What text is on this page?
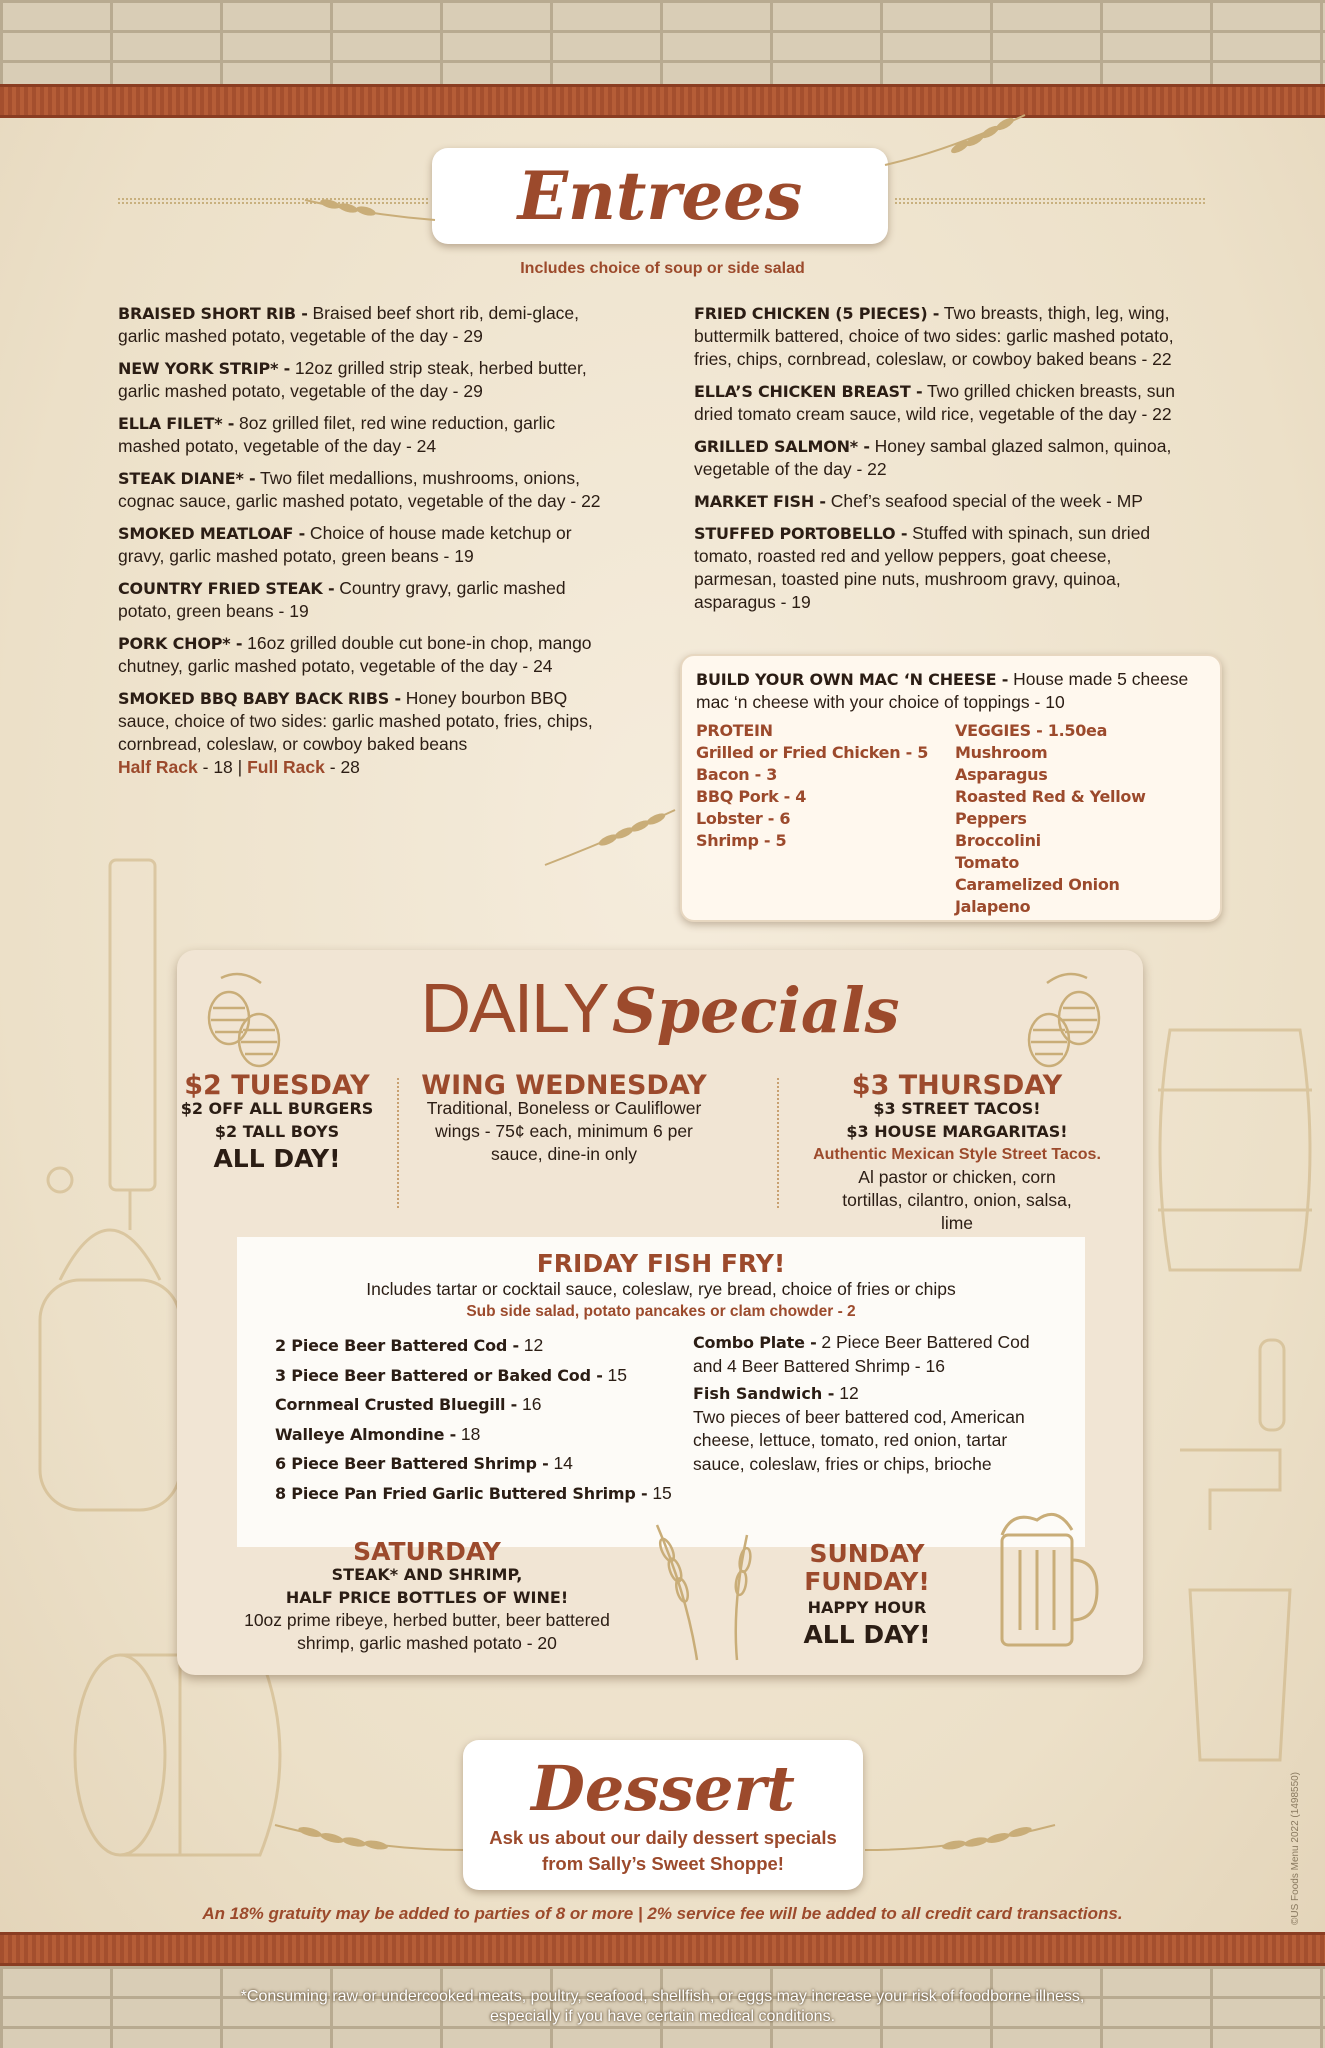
Entrees
Includes choice of soup or side salad
BRAISED SHORT RIB - Braised beef short rib, demi-glace, garlic mashed potato, vegetable of the day - 29
NEW YORK STRIP* - 12oz grilled strip steak, herbed butter, garlic mashed potato, vegetable of the day - 29
ELLA FILET* - 8oz grilled filet, red wine reduction, garlic mashed potato, vegetable of the day - 24
STEAK DIANE* - Two filet medallions, mushrooms, onions, cognac sauce, garlic mashed potato, vegetable of the day - 22
SMOKED MEATLOAF - Choice of house made ketchup or gravy, garlic mashed potato, green beans - 19
COUNTRY FRIED STEAK - Country gravy, garlic mashed potato, green beans - 19
PORK CHOP* - 16oz grilled double cut bone-in chop, mango chutney, garlic mashed potato, vegetable of the day - 24
SMOKED BBQ BABY BACK RIBS - Honey bourbon BBQ sauce, choice of two sides: garlic mashed potato, fries, chips, cornbread, coleslaw, or cowboy baked beans
Half Rack - 18 | Full Rack - 28
FRIED CHICKEN (5 PIECES) - Two breasts, thigh, leg, wing, buttermilk battered, choice of two sides: garlic mashed potato, fries, chips, cornbread, coleslaw, or cowboy baked beans - 22
ELLA’S CHICKEN BREAST - Two grilled chicken breasts, sun dried tomato cream sauce, wild rice, vegetable of the day - 22
GRILLED SALMON* - Honey sambal glazed salmon, quinoa, vegetable of the day - 22
MARKET FISH - Chef’s seafood special of the week - MP
STUFFED PORTOBELLO - Stuffed with spinach, sun dried tomato, roasted red and yellow peppers, goat cheese, parmesan, toasted pine nuts, mushroom gravy, quinoa, asparagus - 19
BUILD YOUR OWN MAC ‘N CHEESE - House made 5 cheese mac ‘n cheese with your choice of toppings - 10
PROTEIN
Grilled or Fried Chicken - 5
Bacon - 3
BBQ Pork - 4
Lobster - 6
Shrimp - 5
VEGGIES - 1.50ea
Mushroom
Asparagus
Roasted Red & Yellow Peppers
Broccolini
Tomato
Caramelized Onion
Jalapeno
DAILY Specials
$2 TUESDAY
$2 OFF ALL BURGERS
$2 TALL BOYS
ALL DAY!
WING WEDNESDAY
Traditional, Boneless or Cauliflower wings - 75¢ each, minimum 6 per sauce, dine-in only
$3 THURSDAY
$3 STREET TACOS!
$3 HOUSE MARGARITAS!
Authentic Mexican Style Street Tacos.
Al pastor or chicken, corn tortillas, cilantro, onion, salsa, lime
FRIDAY FISH FRY!
Includes tartar or cocktail sauce, coleslaw, rye bread, choice of fries or chips
Sub side salad, potato pancakes or clam chowder - 2
2 Piece Beer Battered Cod - 12
3 Piece Beer Battered or Baked Cod - 15
Cornmeal Crusted Bluegill - 16
Walleye Almondine - 18
6 Piece Beer Battered Shrimp - 14
8 Piece Pan Fried Garlic Buttered Shrimp - 15
Combo Plate - 2 Piece Beer Battered Cod and 4 Beer Battered Shrimp - 16
Fish Sandwich - 12
Two pieces of beer battered cod, American cheese, lettuce, tomato, red onion, tartar sauce, coleslaw, fries or chips, brioche
SATURDAY
STEAK* AND SHRIMP,
HALF PRICE BOTTLES OF WINE!
10oz prime ribeye, herbed butter, beer battered shrimp, garlic mashed potato - 20
SUNDAY
FUNDAY!
HAPPY HOUR
ALL DAY!
Dessert
Ask us about our daily dessert specials
from Sally’s Sweet Shoppe!
An 18% gratuity may be added to parties of 8 or more | 2% service fee will be added to all credit card transactions.	©US Foods Menu 2022 (1498550)
*Consuming raw or undercooked meats, poultry, seafood, shellfish, or eggs may increase your risk of foodborne illness,
especially if you have certain medical conditions.
